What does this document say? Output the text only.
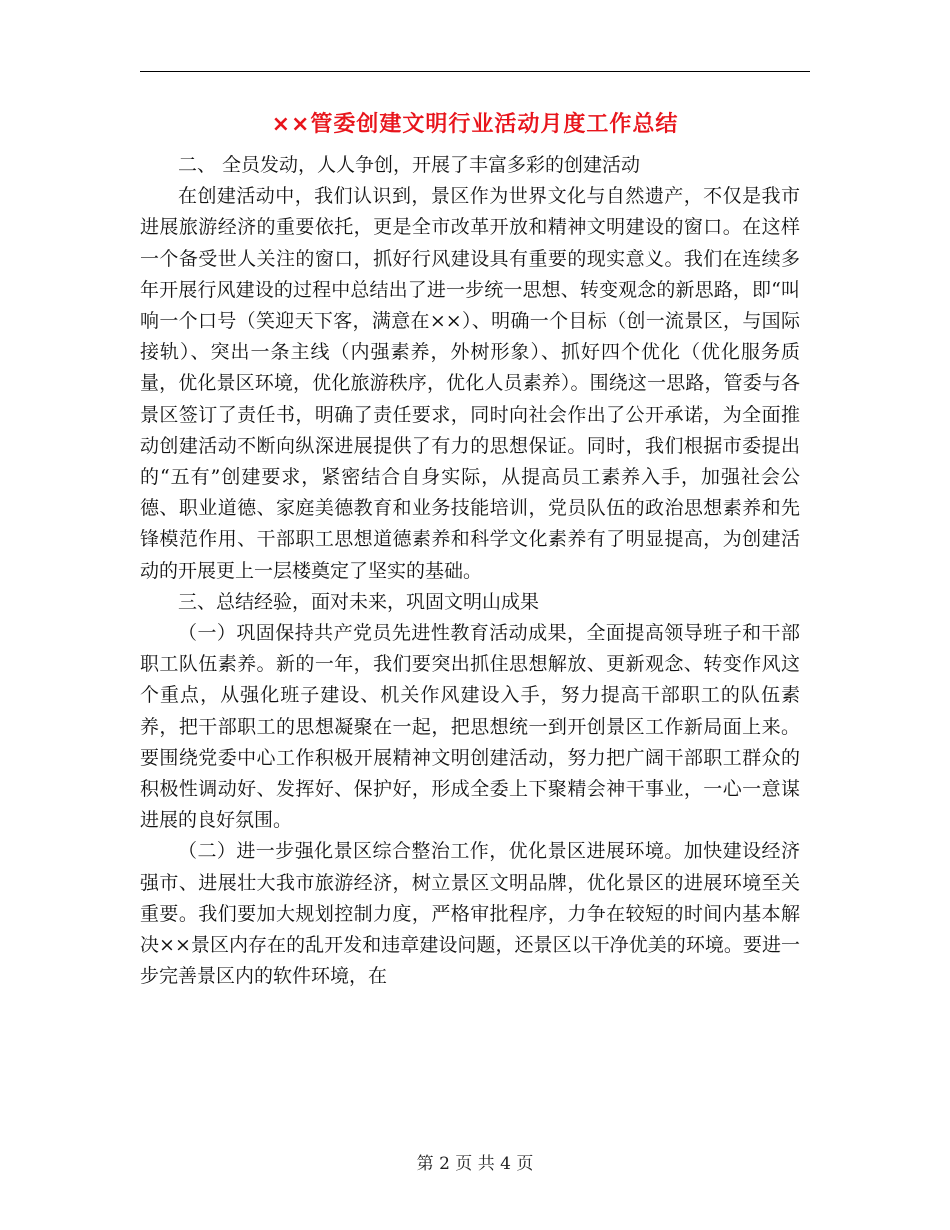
××管委创建文明行业活动月度工作总结

二、 全员发动，人人争创，开展了丰富多彩的创建活动

在创建活动中，我们认识到，景区作为世界文化与自然遗产，不仅是我市进展旅游经济的重要依托，更是全市改革开放和精神文明建设的窗口。在这样一个备受世人关注的窗口，抓好行风建设具有重要的现实意义。我们在连续多年开展行风建设的过程中总结出了进一步统一思想、转变观念的新思路，即“叫响一个口号（笑迎天下客，满意在××）、明确一个目标（创一流景区，与国际接轨）、突出一条主线（内强素养，外树形象）、抓好四个优化（优化服务质量，优化景区环境，优化旅游秩序，优化人员素养）。围绕这一思路，管委与各景区签订了责任书，明确了责任要求，同时向社会作出了公开承诺，为全面推动创建活动不断向纵深进展提供了有力的思想保证。同时，我们根据市委提出的“五有”创建要求，紧密结合自身实际，从提高员工素养入手，加强社会公德、职业道德、家庭美德教育和业务技能培训，党员队伍的政治思想素养和先锋模范作用、干部职工思想道德素养和科学文化素养有了明显提高，为创建活动的开展更上一层楼奠定了坚实的基础。

三、总结经验，面对未来，巩固文明山成果

（一）巩固保持共产党员先进性教育活动成果，全面提高领导班子和干部职工队伍素养。新的一年，我们要突出抓住思想解放、更新观念、转变作风这个重点，从强化班子建设、机关作风建设入手，努力提高干部职工的队伍素养，把干部职工的思想凝聚在一起，把思想统一到开创景区工作新局面上来。要围绕党委中心工作积极开展精神文明创建活动，努力把广阔干部职工群众的积极性调动好、发挥好、保护好，形成全委上下聚精会神干事业，一心一意谋进展的良好氛围。

（二）进一步强化景区综合整治工作，优化景区进展环境。加快建设经济强市、进展壮大我市旅游经济，树立景区文明品牌，优化景区的进展环境至关重要。我们要加大规划控制力度，严格审批程序，力争在较短的时间内基本解决××景区内存在的乱开发和违章建设问题，还景区以干净优美的环境。要进一步完善景区内的软件环境，在

第 2 页 共 4 页
